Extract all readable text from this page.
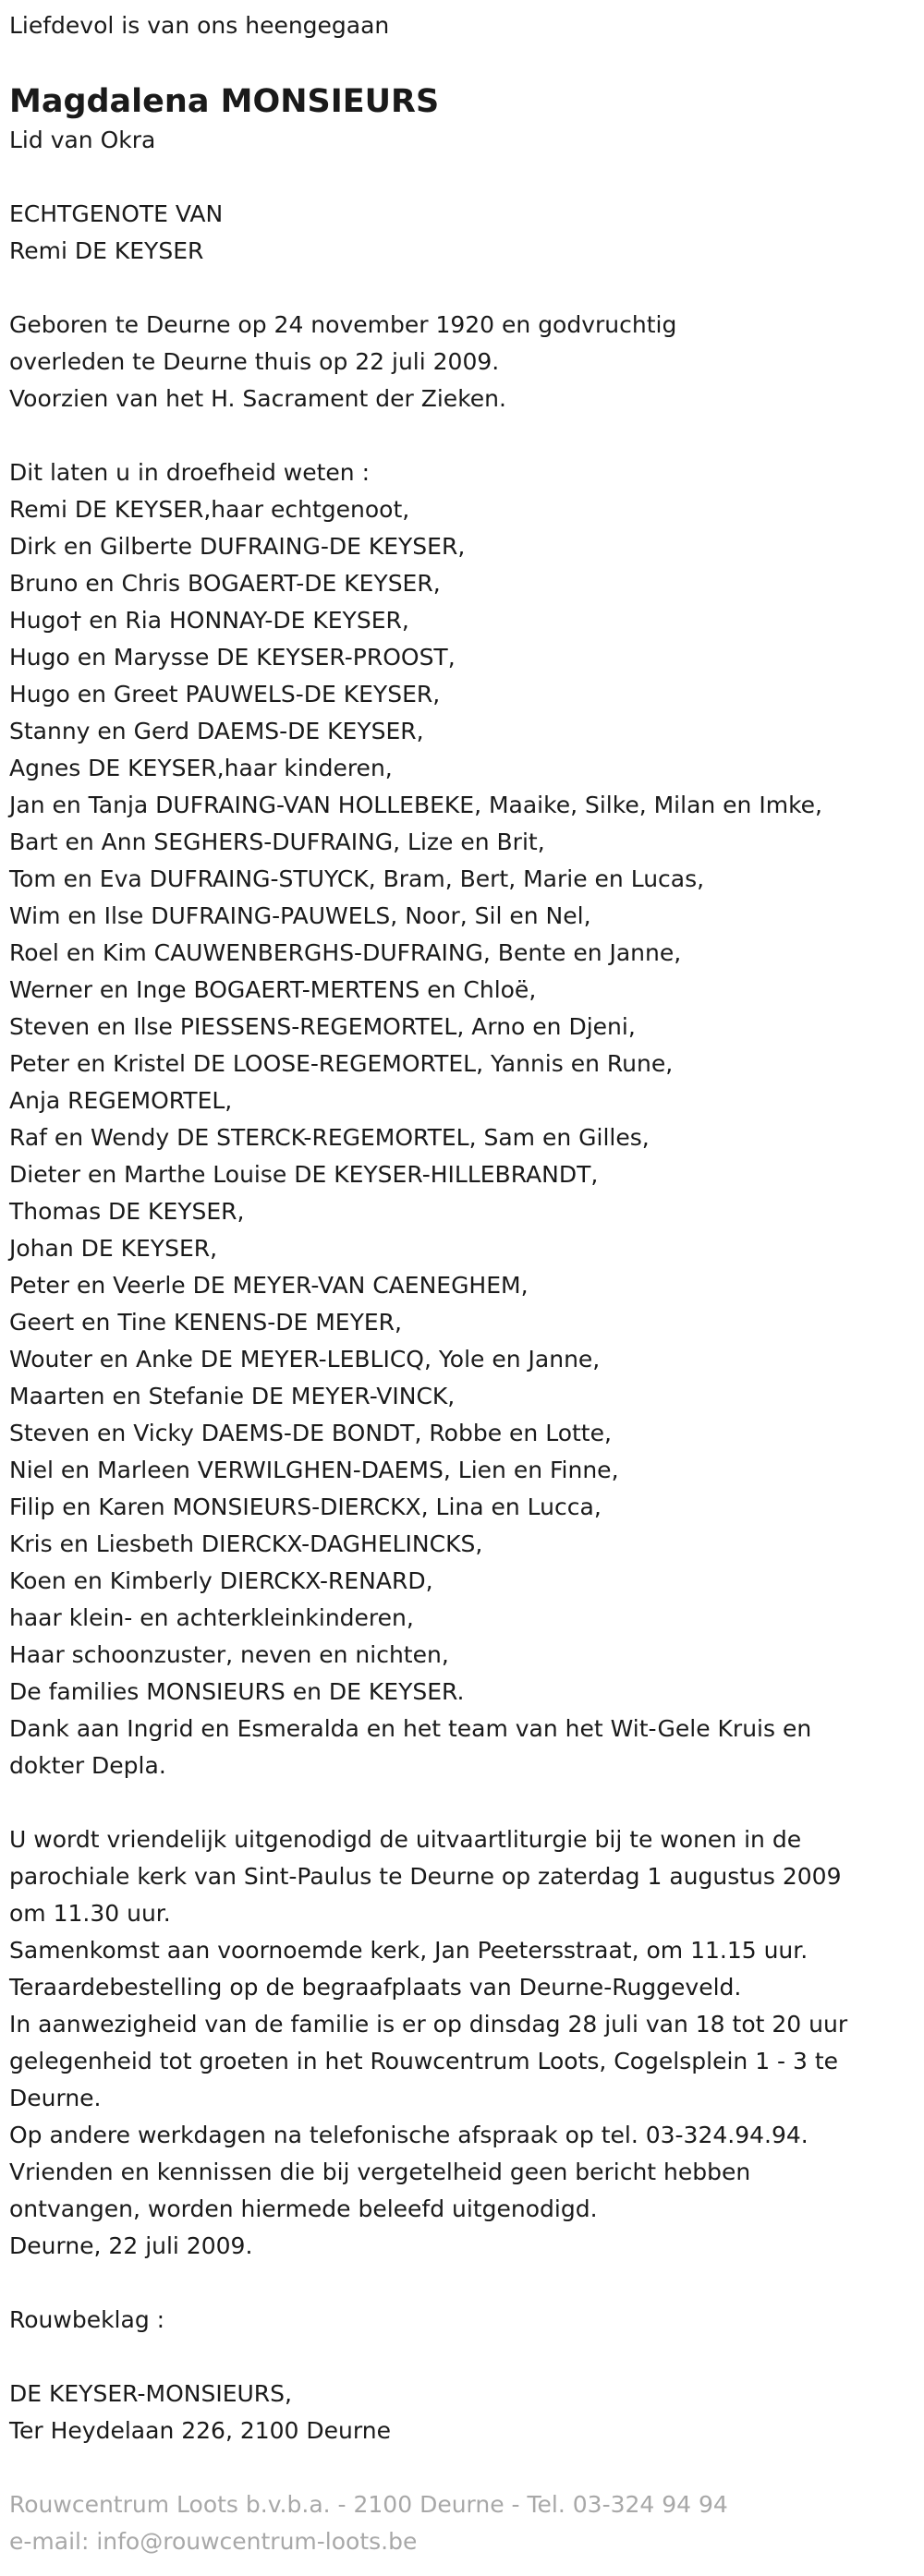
Liefdevol is van ons heengegaan
Magdalena MONSIEURS
Lid van Okra
ECHTGENOTE VAN
Remi DE KEYSER
Geboren te Deurne op 24 november 1920 en godvruchtig
overleden te Deurne thuis op 22 juli 2009.
Voorzien van het H. Sacrament der Zieken.
Dit laten u in droefheid weten :
Remi DE KEYSER,haar echtgenoot,
Dirk en Gilberte DUFRAING-DE KEYSER,
Bruno en Chris BOGAERT-DE KEYSER,
Hugo† en Ria HONNAY-DE KEYSER,
Hugo en Marysse DE KEYSER-PROOST,
Hugo en Greet PAUWELS-DE KEYSER,
Stanny en Gerd DAEMS-DE KEYSER,
Agnes DE KEYSER,haar kinderen,
Jan en Tanja DUFRAING-VAN HOLLEBEKE, Maaike, Silke, Milan en Imke,
Bart en Ann SEGHERS-DUFRAING, Lize en Brit,
Tom en Eva DUFRAING-STUYCK, Bram, Bert, Marie en Lucas,
Wim en Ilse DUFRAING-PAUWELS, Noor, Sil en Nel,
Roel en Kim CAUWENBERGHS-DUFRAING, Bente en Janne,
Werner en Inge BOGAERT-MERTENS en Chloë,
Steven en Ilse PIESSENS-REGEMORTEL, Arno en Djeni,
Peter en Kristel DE LOOSE-REGEMORTEL, Yannis en Rune,
Anja REGEMORTEL,
Raf en Wendy DE STERCK-REGEMORTEL, Sam en Gilles,
Dieter en Marthe Louise DE KEYSER-HILLEBRANDT,
Thomas DE KEYSER,
Johan DE KEYSER,
Peter en Veerle DE MEYER-VAN CAENEGHEM,
Geert en Tine KENENS-DE MEYER,
Wouter en Anke DE MEYER-LEBLICQ, Yole en Janne,
Maarten en Stefanie DE MEYER-VINCK,
Steven en Vicky DAEMS-DE BONDT, Robbe en Lotte,
Niel en Marleen VERWILGHEN-DAEMS, Lien en Finne,
Filip en Karen MONSIEURS-DIERCKX, Lina en Lucca,
Kris en Liesbeth DIERCKX-DAGHELINCKS,
Koen en Kimberly DIERCKX-RENARD,
haar klein- en achterkleinkinderen,
Haar schoonzuster, neven en nichten,
De families MONSIEURS en DE KEYSER.
Dank aan Ingrid en Esmeralda en het team van het Wit-Gele Kruis en
dokter Depla.
U wordt vriendelijk uitgenodigd de uitvaartliturgie bij te wonen in de
parochiale kerk van Sint-Paulus te Deurne op zaterdag 1 augustus 2009
om 11.30 uur.
Samenkomst aan voornoemde kerk, Jan Peetersstraat, om 11.15 uur.
Teraardebestelling op de begraafplaats van Deurne-Ruggeveld.
In aanwezigheid van de familie is er op dinsdag 28 juli van 18 tot 20 uur
gelegenheid tot groeten in het Rouwcentrum Loots, Cogelsplein 1 - 3 te
Deurne.
Op andere werkdagen na telefonische afspraak op tel. 03-324.94.94.
Vrienden en kennissen die bij vergetelheid geen bericht hebben
ontvangen, worden hiermede beleefd uitgenodigd.
Deurne, 22 juli 2009.
Rouwbeklag :
DE KEYSER-MONSIEURS,
Ter Heydelaan 226, 2100 Deurne
Rouwcentrum Loots b.v.b.a. - 2100 Deurne - Tel. 03-324 94 94
e-mail: info@rouwcentrum-loots.be
